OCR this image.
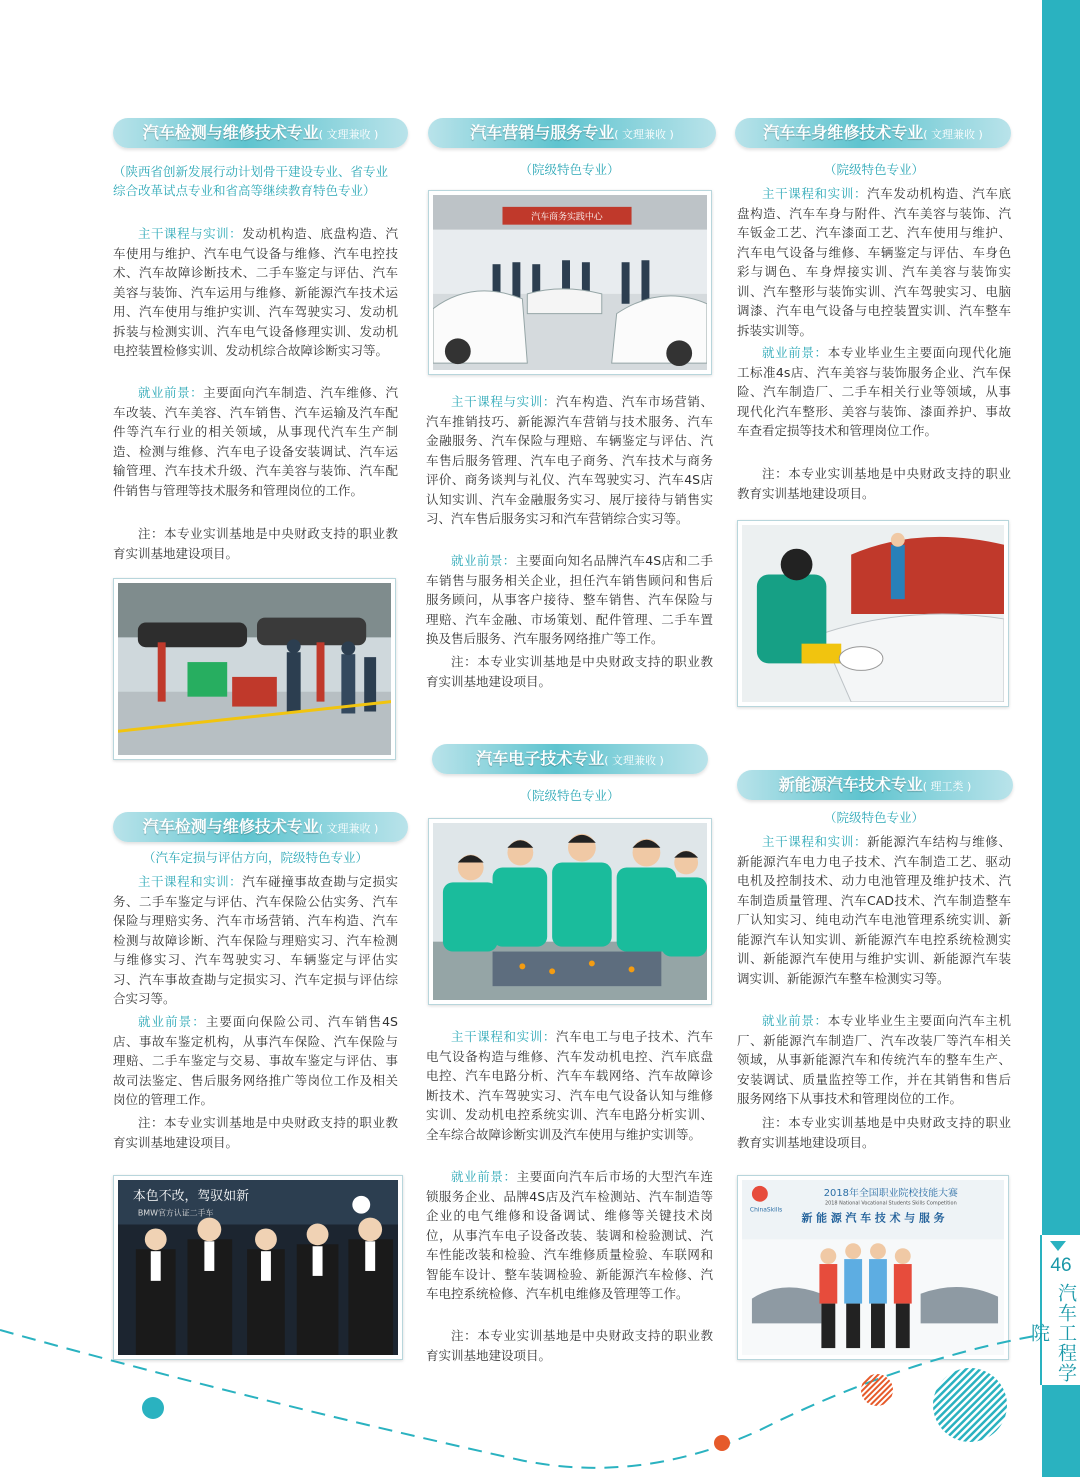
46
汽车工程学院
汽车检测与维修技术专业( 文理兼收 )
（陕西省创新发展行动计划骨干建设专业、省专业综合改革试点专业和省高等继续教育特色专业）
主干课程与实训：发动机构造、底盘构造、汽车使用与维护、汽车电气设备与维修、汽车电控技术、汽车故障诊断技术、二手车鉴定与评估、汽车美容与装饰、汽车运用与维修、新能源汽车技术运用、汽车使用与维护实训、汽车驾驶实习、发动机拆装与检测实训、汽车电气设备修理实训、发动机电控装置检修实训、发动机综合故障诊断实习等。
就业前景：主要面向汽车制造、汽车维修、汽车改装、汽车美容、汽车销售、汽车运输及汽车配件等汽车行业的相关领域，从事现代汽车生产制造、检测与维修、汽车电子设备安装调试、汽车运输管理、汽车技术升级、汽车美容与装饰、汽车配件销售与管理等技术服务和管理岗位的工作。
注：本专业实训基地是中央财政支持的职业教育实训基地建设项目。
汽车检测与维修技术专业( 文理兼收 )
（汽车定损与评估方向，院级特色专业）
主干课程和实训：汽车碰撞事故查勘与定损实务、二手车鉴定与评估、汽车保险公估实务、汽车保险与理赔实务、汽车市场营销、汽车构造、汽车检测与故障诊断、汽车保险与理赔实习、汽车检测与维修实习、汽车驾驶实习、车辆鉴定与评估实习、汽车事故查勘与定损实习、汽车定损与评估综合实习等。
就业前景：主要面向保险公司、汽车销售4S店、事故车鉴定机构，从事汽车保险、汽车保险与理赔、二手车鉴定与交易、事故车鉴定与评估、事故司法鉴定、售后服务网络推广等岗位工作及相关岗位的管理工作。
注：本专业实训基地是中央财政支持的职业教育实训基地建设项目。
本色不改，驾驭如新
BMW官方认证二手车
汽车营销与服务专业( 文理兼收 )
（院级特色专业）
汽车商务实践中心
主干课程与实训：汽车构造、汽车市场营销、汽车推销技巧、新能源汽车营销与技术服务、汽车金融服务、汽车保险与理赔、车辆鉴定与评估、汽车售后服务管理、汽车电子商务、汽车技术与商务评价、商务谈判与礼仪、汽车驾驶实习、汽车4S店认知实训、汽车金融服务实习、展厅接待与销售实习、汽车售后服务实习和汽车营销综合实习等。
就业前景：主要面向知名品牌汽车4S店和二手车销售与服务相关企业，担任汽车销售顾问和售后服务顾问，从事客户接待、整车销售、汽车保险与理赔、汽车金融、市场策划、配件管理、二手车置换及售后服务、汽车服务网络推广等工作。
注：本专业实训基地是中央财政支持的职业教育实训基地建设项目。
汽车电子技术专业( 文理兼收 )
（院级特色专业）
主干课程和实训：汽车电工与电子技术、汽车电气设备构造与维修、汽车发动机电控、汽车底盘电控、汽车电路分析、汽车车载网络、汽车故障诊断技术、汽车驾驶实习、汽车电气设备认知与维修实训、发动机电控系统实训、汽车电路分析实训、全车综合故障诊断实训及汽车使用与维护实训等。
就业前景：主要面向汽车后市场的大型汽车连锁服务企业、品牌4S店及汽车检测站、汽车制造等企业的电气维修和设备调试、维修等关键技术岗位，从事汽车电子设备改装、装调和检验测试、汽车性能改装和检验、汽车维修质量检验、车联网和智能车设计、整车装调检验、新能源汽车检修、汽车电控系统检修、汽车机电维修及管理等工作。
注：本专业实训基地是中央财政支持的职业教育实训基地建设项目。
汽车车身维修技术专业( 文理兼收 )
（院级特色专业）
主干课程和实训：汽车发动机构造、汽车底盘构造、汽车车身与附件、汽车美容与装饰、汽车钣金工艺、汽车漆面工艺、汽车使用与维护、汽车电气设备与维修、车辆鉴定与评估、车身色彩与调色、车身焊接实训、汽车美容与装饰实训、汽车整形与装饰实训、汽车驾驶实习、电脑调漆、汽车电气设备与电控装置实训、汽车整车拆装实训等。
就业前景：本专业毕业生主要面向现代化施工标准4s店、汽车美容与装饰服务企业、汽车保险、汽车制造厂、二手车相关行业等领域，从事现代化汽车整形、美容与装饰、漆面养护、事故车查看定损等技术和管理岗位工作。
注：本专业实训基地是中央财政支持的职业教育实训基地建设项目。
新能源汽车技术专业( 理工类 )
（院级特色专业）
主干课程和实训：新能源汽车结构与维修、新能源汽车电力电子技术、汽车制造工艺、驱动电机及控制技术、动力电池管理及维护技术、汽车制造质量管理、汽车CAD技术、汽车制造整车厂认知实习、纯电动汽车电池管理系统实训、新能源汽车认知实训、新能源汽车电控系统检测实训、新能源汽车使用与维护实训、新能源汽车装调实训、新能源汽车整车检测实习等。
就业前景：本专业毕业生主要面向汽车主机厂、新能源汽车制造厂、汽车改装厂等汽车相关领域，从事新能源汽车和传统汽车的整车生产、安装调试、质量监控等工作，并在其销售和售后服务网络下从事技术和管理岗位的工作。
注：本专业实训基地是中央财政支持的职业教育实训基地建设项目。
ChinaSkills
2018年全国职业院校技能大赛
2018 National Vocational Students Skills Competition
新 能 源 汽 车 技 术 与 服 务
